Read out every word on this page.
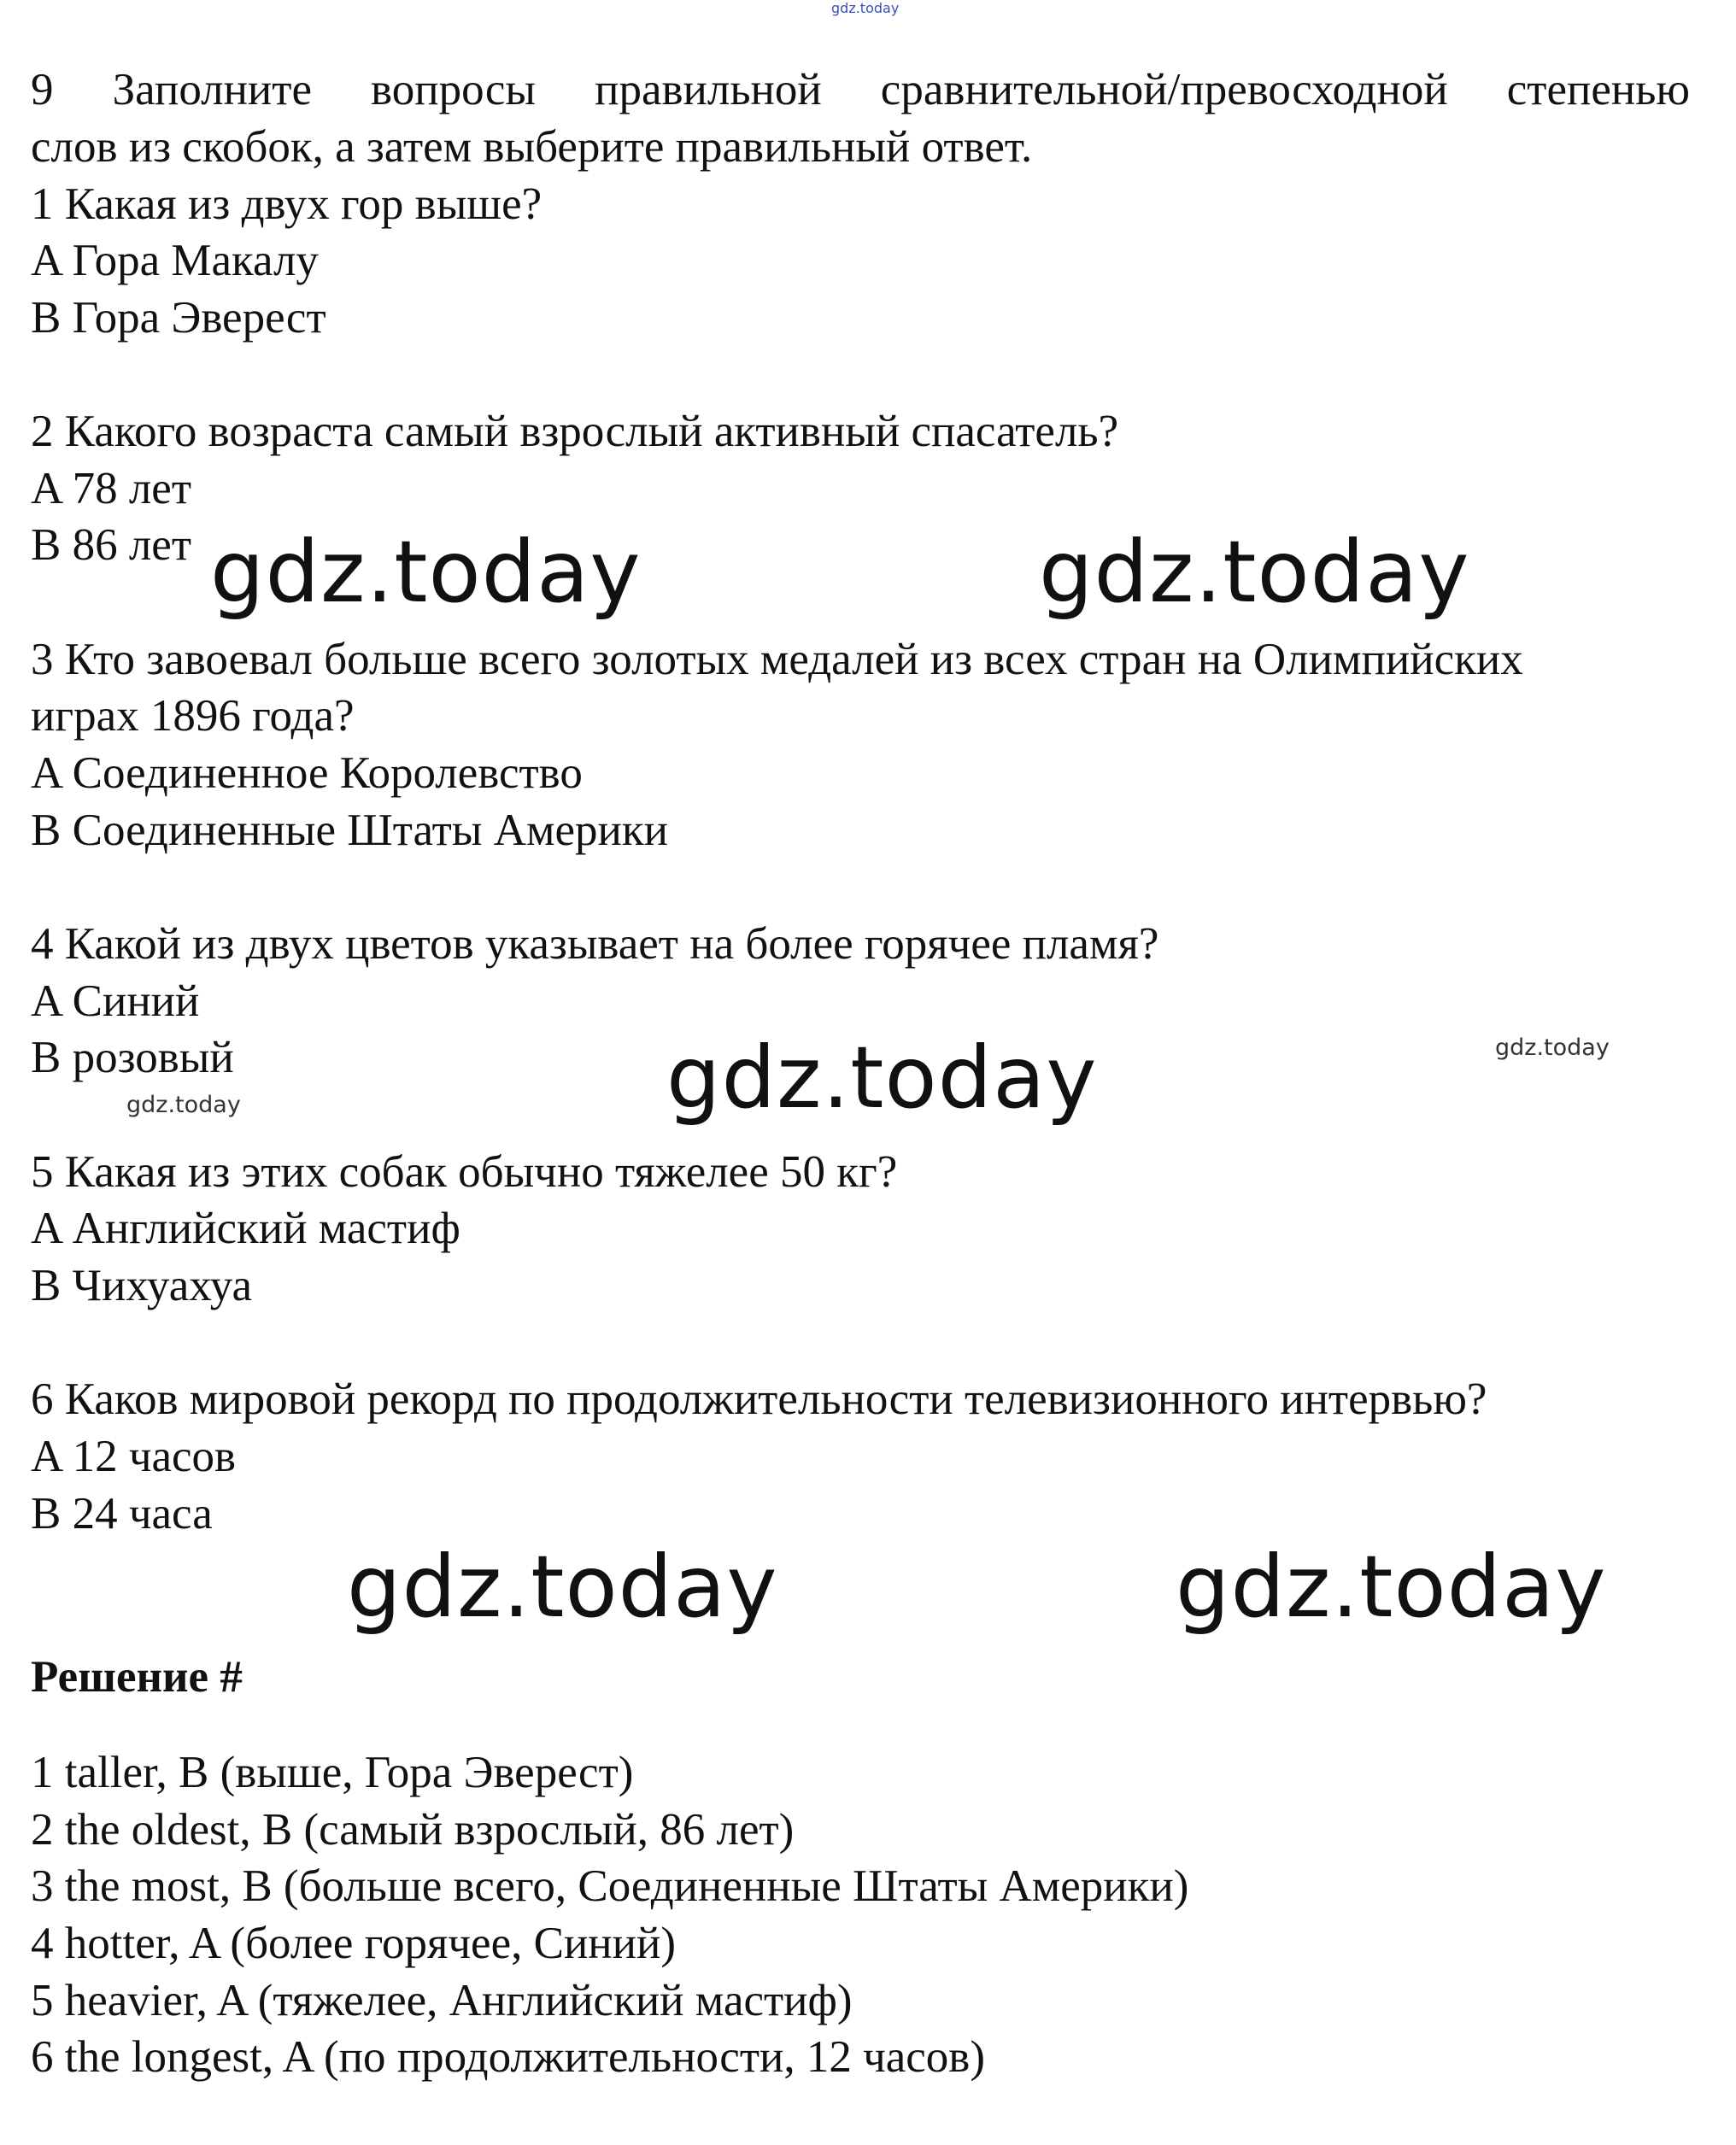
gdz.today
9 Заполните вопросы правильной сравнительной/превосходной степенью
слов из скобок, а затем выберите правильный ответ.
1 Какая из двух гор выше?
A Гора Макалу
B Гора Эверест
2 Какого возраста самый взрослый активный спасатель?
A 78 лет
B 86 лет gdz.today	gdz.today
3 Кто завоевал больше всего золотых медалей из всех стран на Олимпийских
играх 1896 года?
A Соединенное Королевство
B Соединенные Штаты Америки
4 Какой из двух цветов указывает на более горячее пламя?
A Синий
B розовый	gdz.today	gdz.today
gdz.today
5 Какая из этих собак обычно тяжелее 50 кг?
A Английский мастиф
B Чихуахуа
6 Каков мировой рекорд по продолжительности телевизионного интервью?
A 12 часов
B 24 часа
gdz.today	gdz.today
Решение #
1 taller, B (выше, Гора Эверест)
2 the oldest, B (самый взрослый, 86 лет)
3 the most, B (больше всего, Соединенные Штаты Америки)
4 hotter, A (более горячее, Синий)
5 heavier, A (тяжелее, Английский мастиф)
6 the longest, A (по продолжительности, 12 часов)
